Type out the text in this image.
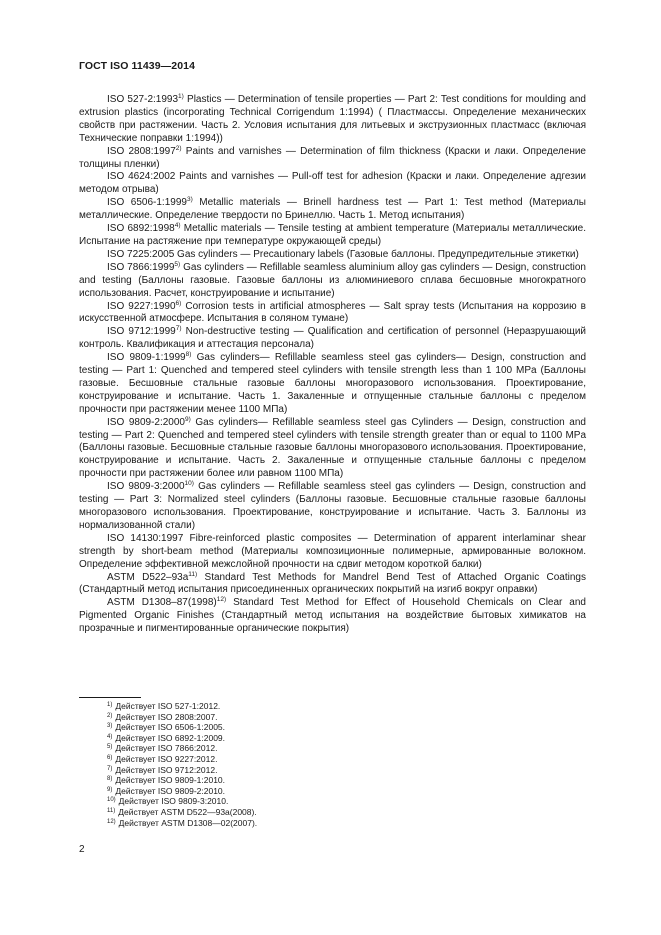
ГОСТ ISO 11439—2014

ISO 527-2:1993$^{1)}$ Plastics — Determination of tensile properties — Part 2: Test conditions for moulding and extrusion plastics (incorporating Technical Corrigendum 1:1994) ( Пластмассы. Определение механических свойств при растяжении. Часть 2. Условия испытания для литьевых и экструзионных пластмасс (включая Технические поправки 1:1994))

ISO 2808:1997$^{2)}$ Paints and varnishes — Determination of film thickness (Краски и лаки. Определение толщины пленки)

ISO 4624:2002 Paints and varnishes — Pull-off test for adhesion (Краски и лаки. Определение адгезии методом отрыва)

ISO 6506-1:1999$^{3)}$ Metallic materials — Brinell hardness test — Part 1: Test method (Материалы металлические. Определение твердости по Бринеллю. Часть 1. Метод испытания)

ISO 6892:1998$^{4)}$ Metallic materials — Tensile testing at ambient temperature (Материалы металлические. Испытание на растяжение при температуре окружающей среды)

ISO 7225:2005 Gas cylinders — Precautionary labels (Газовые баллоны. Предупредительные этикетки)

ISO 7866:1999$^{5)}$ Gas cylinders — Refillable seamless aluminium alloy gas cylinders — Design, construction and testing (Баллоны газовые. Газовые баллоны из алюминиевого сплава бесшовные многократного использования. Расчет, конструирование и испытание)

ISO 9227:1990$^{6)}$ Corrosion tests in artificial atmospheres — Salt spray tests (Испытания на коррозию в искусственной атмосфере. Испытания в соляном тумане)

ISO 9712:1999$^{7)}$ Non-destructive testing — Qualification and certification of personnel (Неразрушающий контроль. Квалификация и аттестация персонала)

ISO 9809-1:1999$^{8)}$ Gas cylinders— Refillable seamless steel gas cylinders— Design, construction and testing — Part 1: Quenched and tempered steel cylinders with tensile strength less than 1 100 MPa (Баллоны газовые. Бесшовные стальные газовые баллоны многоразового использования. Проектирование, конструирование и испытание. Часть 1. Закаленные и отпущенные стальные баллоны с пределом прочности при растяжении менее 1100 МПа)

ISO 9809-2:2000$^{9)}$ Gas cylinders— Refillable seamless steel gas Cylinders — Design, construction and testing — Part 2: Quenched and tempered steel cylinders with tensile strength greater than or equal to 1100 MPa (Баллоны газовые. Бесшовные стальные газовые баллоны многоразового использования. Проектирование, конструирование и испытание. Часть 2. Закаленные и отпущенные стальные баллоны с пределом прочности при растяжении более или равном 1100 МПа)

ISO 9809-3:2000$^{10)}$ Gas cylinders — Refillable seamless steel gas cylinders — Design, construction and testing — Part 3: Normalized steel cylinders (Баллоны газовые. Бесшовные стальные газовые баллоны многоразового использования. Проектирование, конструирование и испытание. Часть 3. Баллоны из нормализованной стали)

ISO 14130:1997 Fibre-reinforced plastic composites — Determination of apparent interlaminar shear strength by short-beam method (Материалы композиционные полимерные, армированные волокном. Определение эффективной межслойной прочности на сдвиг методом короткой балки)

ASTM $D522-93a^{11)}$ Standard Test Methods for Mandrel Bend Test of Attached Organic Coatings (Стандартный метод испытания присоединенных органических покрытий на изгиб вокруг оправки)

ASTM $D1308-87(1998)^{12)}$ Standard Test Method for Effect of Household Chemicals on Clear and Pigmented Organic Finishes (Стандартный метод испытания на воздействие бытовых химикатов на прозрачные и пигментированные органические покрытия)

$^{1)}$ Действует ISO 527-1:2012.
$^{2)}$ Действует ISO 2808:2007.
$^{3)}$ Действует ISO 6506-1:2005.
$^{4)}$ Действует ISO 6892-1:2009.
$^{5)}$ Действует ISO 7866:2012.
$^{6)}$ Действует ISO 9227:2012.
$^{7)}$ Действует ISO 9712:2012.
$^{8)}$ Действует ISO 9809-1:2010.
$^{9)}$ Действует ISO 9809-2:2010.
$^{10)}$ Действует ISO 9809-3:2010.
$^{11)}$ Действует ASTM D522—93a(2008).
$^{12)}$ Действует ASTM D1308—02(2007).
2
